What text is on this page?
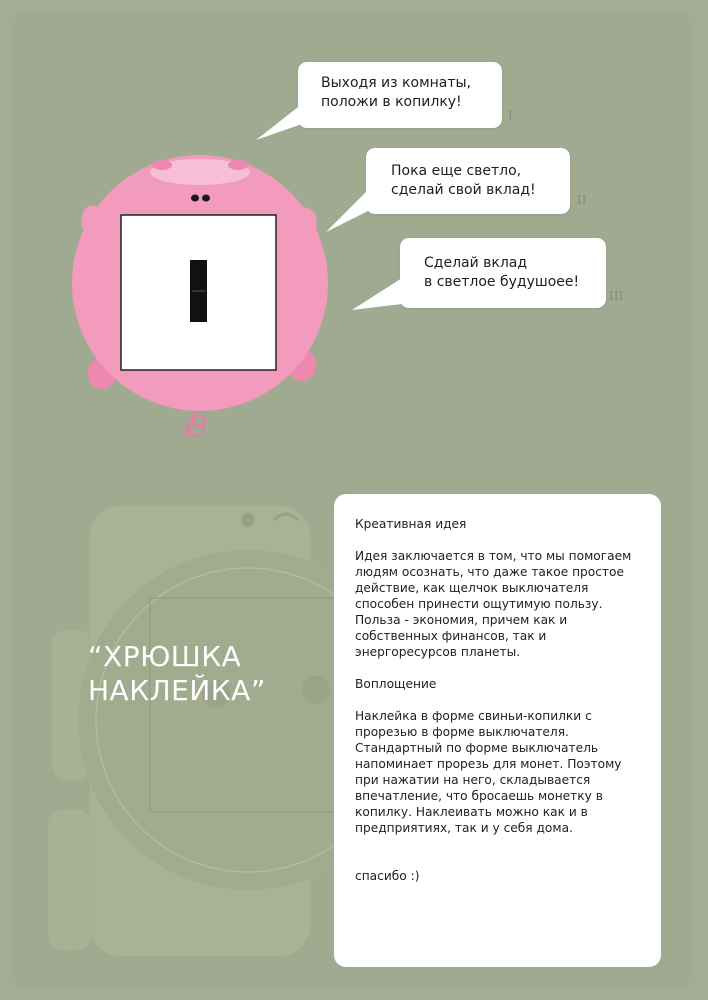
Выходя из комнаты,
положи в копилку!
I
Пока еще светло,
сделай свой вклад!
II
Сделай вклад
в светлое будушоее!
III
“ХРЮШКА
НАКЛЕЙКА”
Креативная идея
Идея заключается в том, что мы помогаем
людям осознать, что даже такое простое
действие, как щелчок выключателя
способен принести ощутимую пользу.
Польза - экономия, причем как и
собственных финансов, так и
энергоресурсов планеты.
Воплощение
Наклейка в форме свиньи-копилки с
прорезью в форме выключателя.
Стандартный по форме выключатель
напоминает прорезь для монет. Поэтому
при нажатии на него, складывается
впечатление, что бросаешь монетку в
копилку. Наклеивать можно как и в
предприятиях, так и у себя дома.
спасибо :)
